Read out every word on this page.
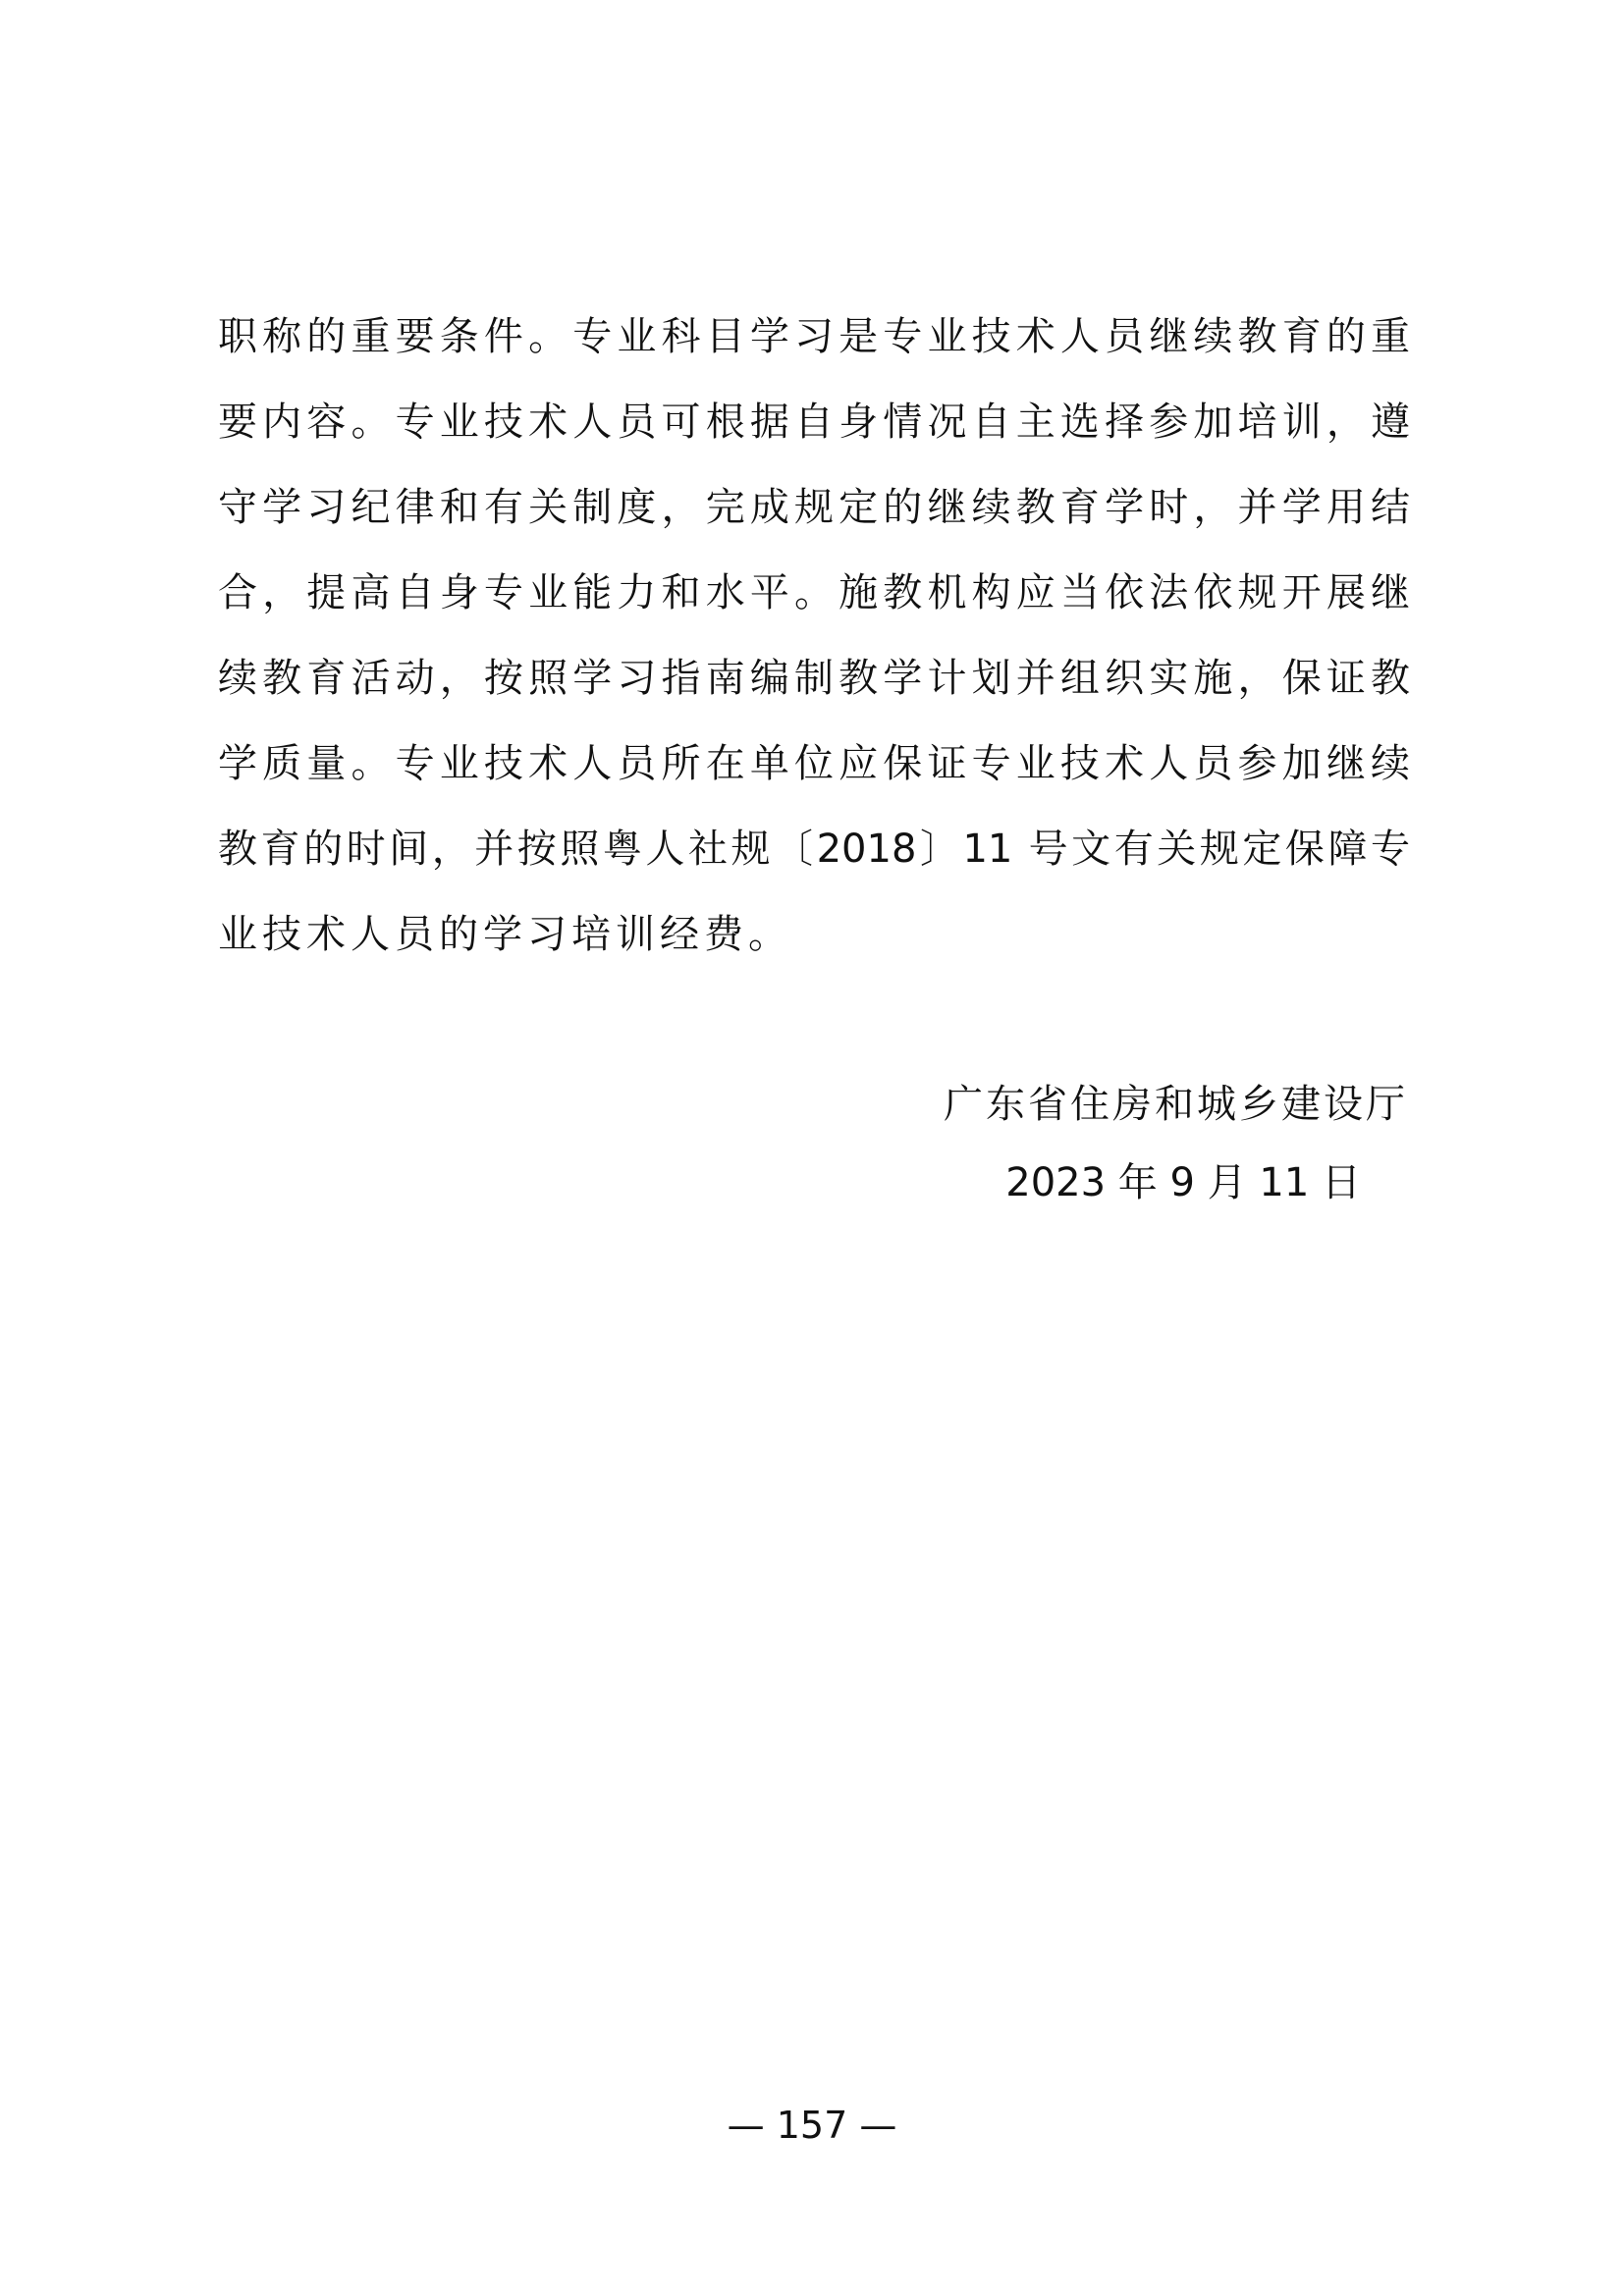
职称的重要条件。专业科目学习是专业技术人员继续教育的重
要内容。专业技术人员可根据自身情况自主选择参加培训，遵
守学习纪律和有关制度，完成规定的继续教育学时，并学用结
合，提高自身专业能力和水平。施教机构应当依法依规开展继
续教育活动，按照学习指南编制教学计划并组织实施，保证教
学质量。专业技术人员所在单位应保证专业技术人员参加继续
教育的时间，并按照粤人社规〔2018〕11 号文有关规定保障专
业技术人员的学习培训经费。
广东省住房和城乡建设厅
2023 年 9 月 11 日
— 157 —
